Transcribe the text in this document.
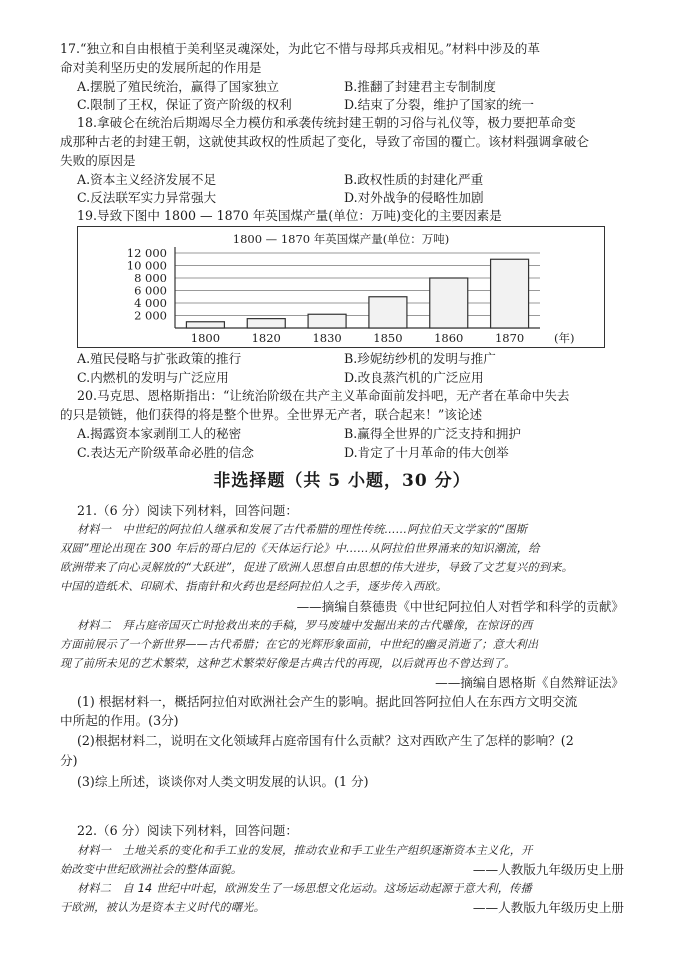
17.“独立和自由根植于美利坚灵魂深处，为此它不惜与母邦兵戎相见。”材料中涉及的革
命对美利坚历史的发展所起的作用是
A.摆脱了殖民统治，赢得了国家独立	B.推翻了封建君主专制制度
C.限制了王权，保证了资产阶级的权利	D.结束了分裂，维护了国家的统一
18.拿破仑在统治后期竭尽全力模仿和承袭传统封建王朝的习俗与礼仪等，极力要把革命变
成那种古老的封建王朝，这就使其政权的性质起了变化，导致了帝国的覆亡。该材料强调拿破仑
失败的原因是
A.资本主义经济发展不足	B.政权性质的封建化严重
C.反法联军实力异常强大	D.对外战争的侵略性加剧
19.导致下图中 1800 — 1870 年英国煤产量(单位：万吨)变化的主要因素是
1800 — 1870 年英国煤产量(单位：万吨)
2 000
4 000
6 000
8 000
10 000
12 000
1800	1820	1830	1850	1860	1870	(年)
A.殖民侵略与扩张政策的推行	B.珍妮纺纱机的发明与推广
C.内燃机的发明与广泛应用	D.改良蒸汽机的广泛应用
20.马克思、恩格斯指出：“让统治阶级在共产主义革命面前发抖吧，无产者在革命中失去
的只是锁链，他们获得的将是整个世界。全世界无产者，联合起来！”该论述
A.揭露资本家剥削工人的秘密	B.赢得全世界的广泛支持和拥护
C.表达无产阶级革命必胜的信念	D.肯定了十月革命的伟大创举
非选择题（共 5 小题，30 分）
21.（6 分）阅读下列材料，回答问题：
材料一　中世纪的阿拉伯人继承和发展了古代希腊的理性传统……阿拉伯天文学家的“图斯
双圆”理论出现在 300 年后的哥白尼的《天体运行论》中……从阿拉伯世界涌来的知识潮流，给
欧洲带来了向心灵解放的“大跃进”，促进了欧洲人思想自由思想的伟大进步，导致了文艺复兴的到来。
中国的造纸术、印刷术、指南针和火药也是经阿拉伯人之手，逐步传入西欧。
——摘编自蔡德贵《中世纪阿拉伯人对哲学和科学的贡献》
材料二　拜占庭帝国灭亡时抢救出来的手稿，罗马废墟中发掘出来的古代雕像，在惊讶的西
方面前展示了一个新世界——古代希腊；在它的光辉形象面前，中世纪的幽灵消逝了；意大利出
现了前所未见的艺术繁荣，这种艺术繁荣好像是古典古代的再现，以后就再也不曾达到了。
——摘编自恩格斯《自然辩证法》
(1) 根据材料一，概括阿拉伯对欧洲社会产生的影响。据此回答阿拉伯人在东西方文明交流
中所起的作用。(3分)
(2)根据材料二，说明在文化领域拜占庭帝国有什么贡献？这对西欧产生了怎样的影响？(2
分)
(3)综上所述，谈谈你对人类文明发展的认识。(1 分)
22.（6 分）阅读下列材料，回答问题：
材料一　土地关系的变化和手工业的发展，推动农业和手工业生产组织逐渐资本主义化，开
始改变中世纪欧洲社会的整体面貌。	——人教版九年级历史上册
材料二　自 14 世纪中叶起，欧洲发生了一场思想文化运动。这场运动起源于意大利，传播
于欧洲，被认为是资本主义时代的曙光。	——人教版九年级历史上册
